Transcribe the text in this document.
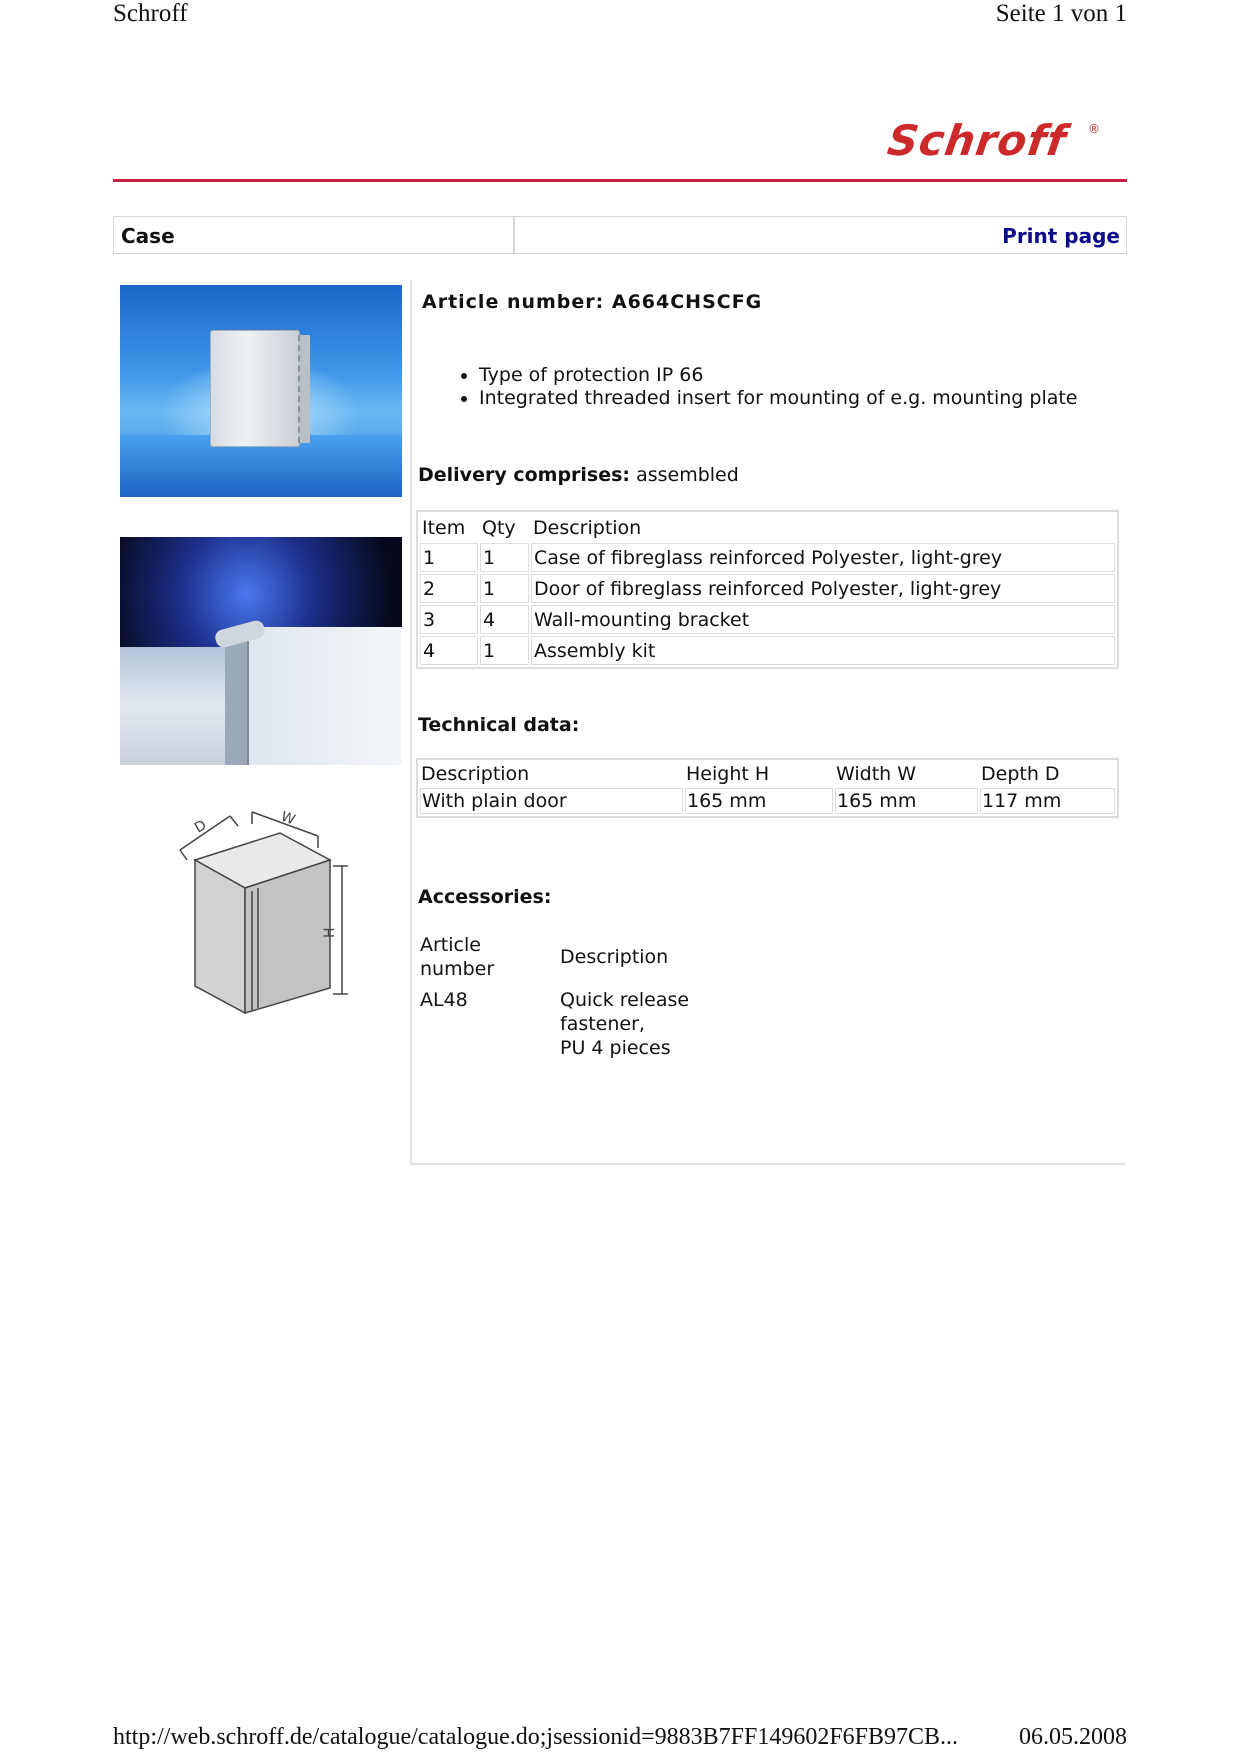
Schroff	Seite 1 von 1
Schroff ®
Case	Print page
D	W
H
Article number: A664CHSCFG
• Type of protection IP 66
• Integrated threaded insert for mounting of e.g. mounting plate
Delivery comprises: assembled
Item	Qty	Description
1	1	Case of fibreglass reinforced Polyester, light-grey
2	1	Door of fibreglass reinforced Polyester, light-grey
3	4	Wall-mounting bracket
4	1	Assembly kit
Technical data:
Description	Height H	Width W	Depth D
With plain door	165 mm	165 mm	117 mm
Accessories:
Article
number	Description
AL48	Quick release fastener,
PU 4 pieces
http://web.schroff.de/catalogue/catalogue.do;jsessionid=9883B7FF149602F6FB97CB...	06.05.2008
